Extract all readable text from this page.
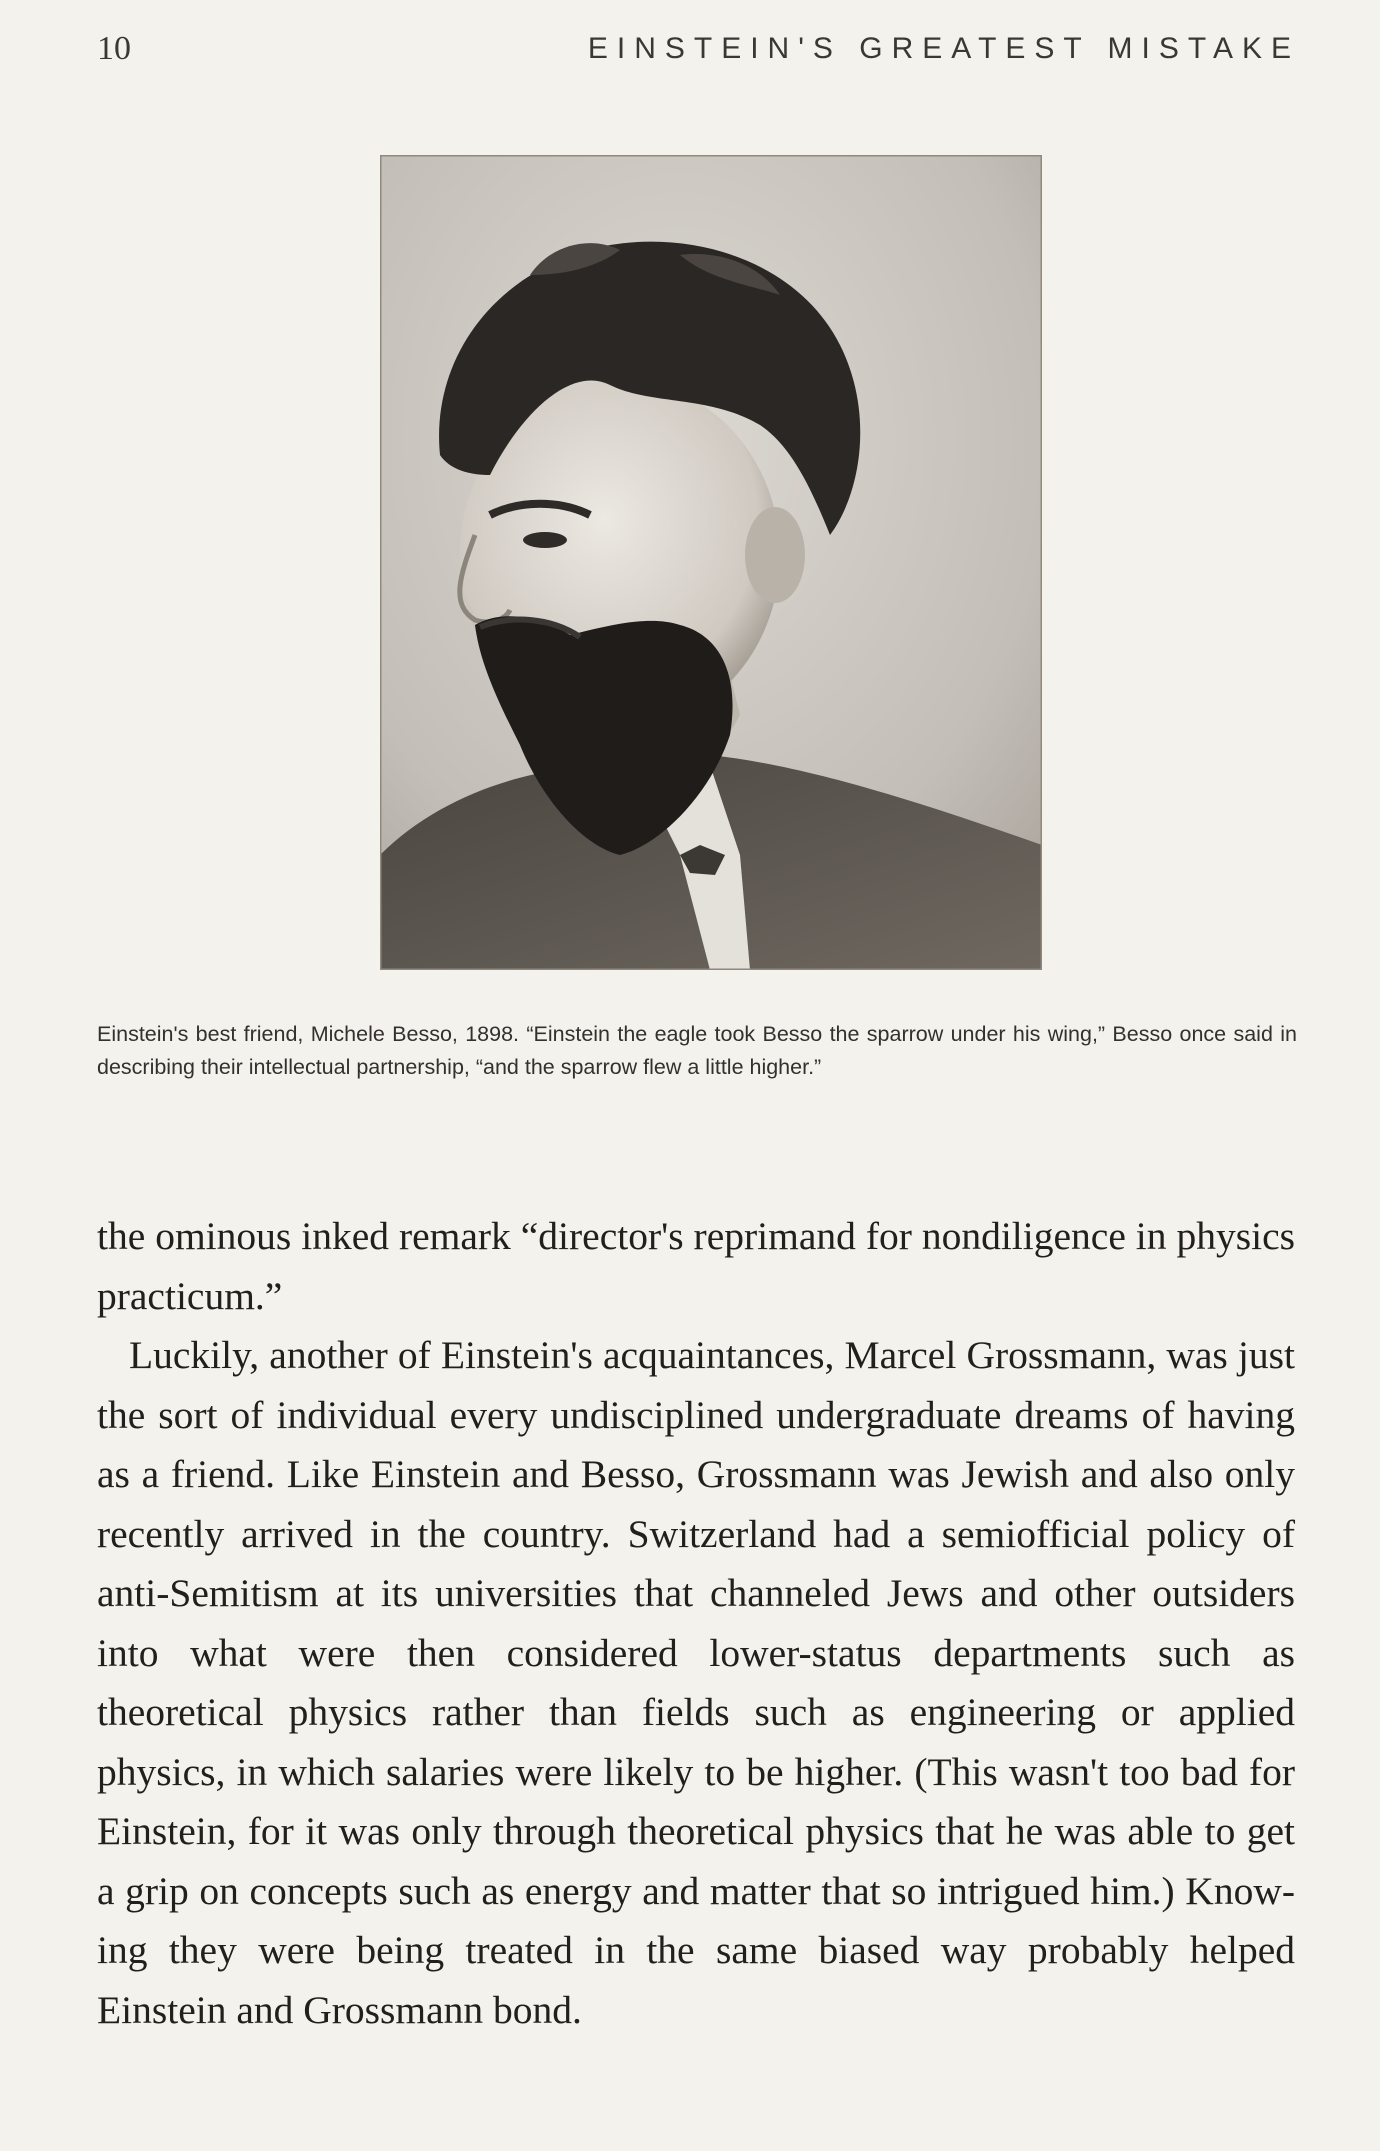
10	EINSTEIN'S GREATEST MISTAKE
Einstein's best friend, Michele Besso, 1898. “Einstein the eagle took Besso the sparrow under his wing,” Besso once said in describing their intellectual partnership, “and the sparrow flew a little higher.”

the ominous inked remark “director's reprimand for nondiligence in physics practicum.”

Luckily, another of Einstein's acquaintances, Marcel Grossmann, was just the sort of individual every undisciplined undergraduate dreams of having as a friend. Like Einstein and Besso, Grossmann was Jewish and also only recently arrived in the country. Switzerland had a semiofficial policy of anti-Semitism at its universities that channeled Jews and other outsiders into what were then considered lower-status departments such as theoretical physics rather than fields such as engineering or applied physics, in which salaries were likely to be higher. (This wasn't too bad for Einstein, for it was only through theoretical physics that he was able to get a grip on concepts such as energy and matter that so intrigued him.) Knowing they were being treated in the same biased way probably helped Einstein and Grossmann bond.
